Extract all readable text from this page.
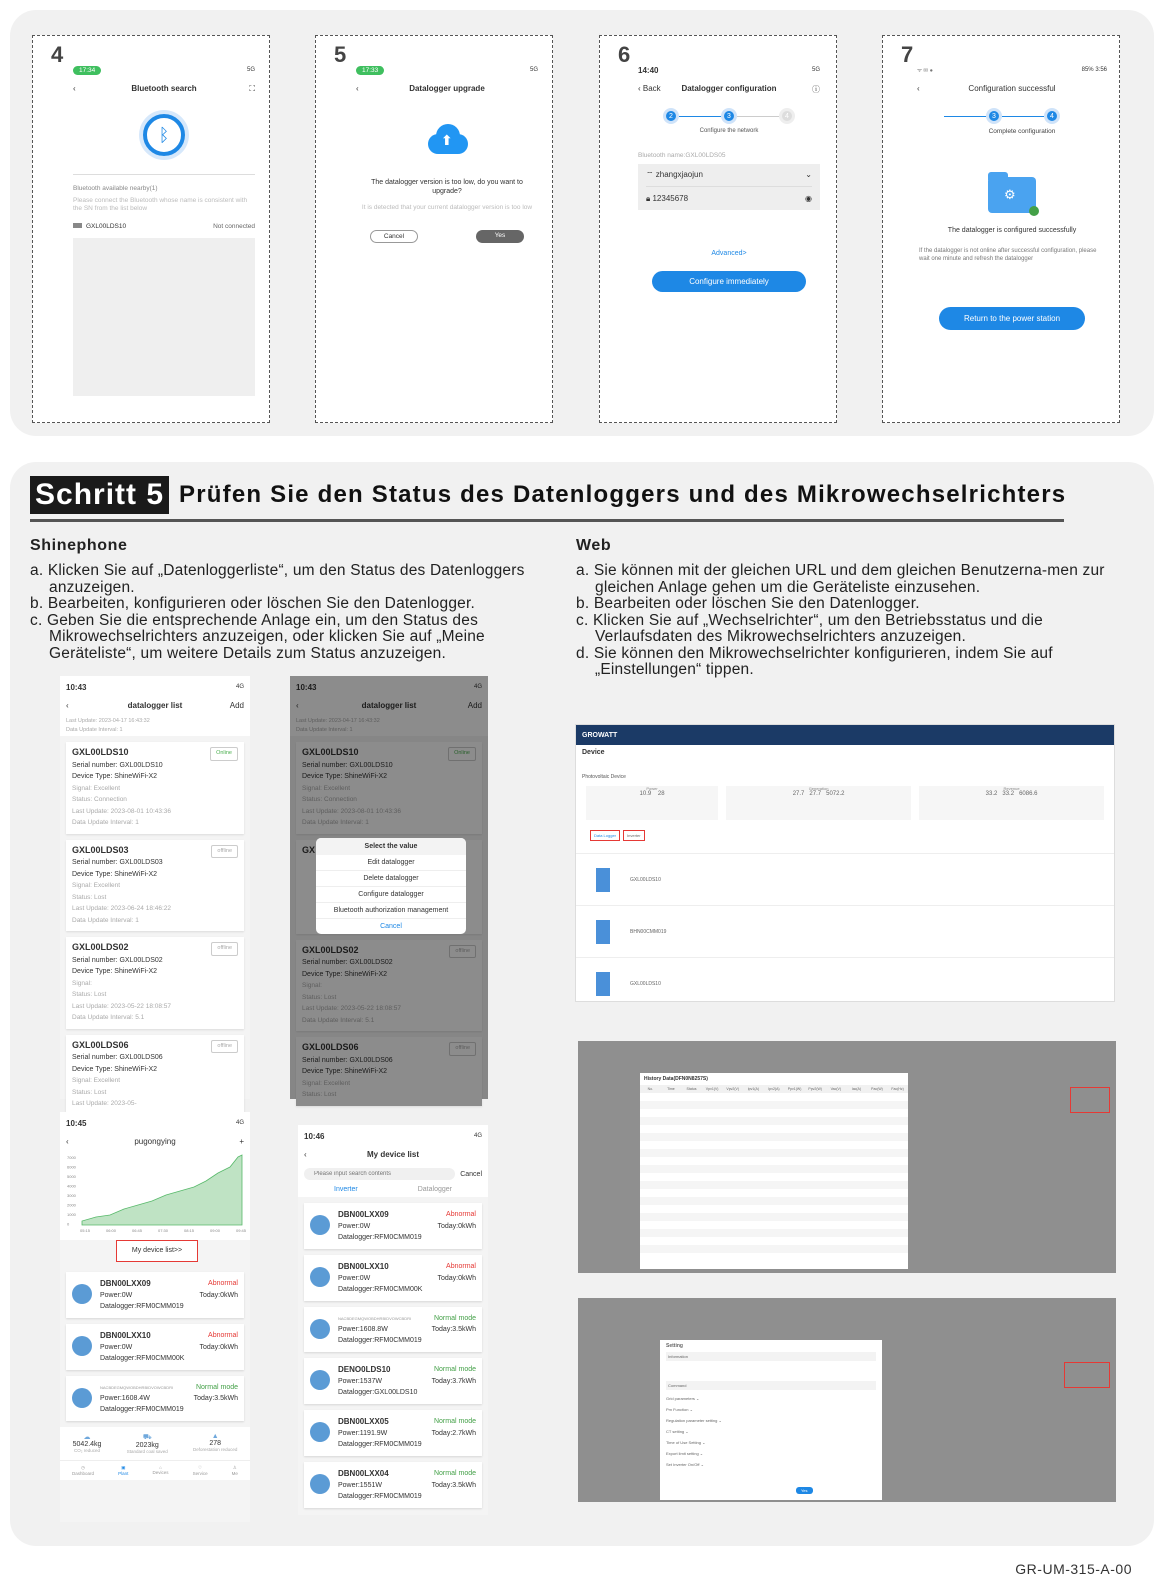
4
17:34	5G
‹	Bluetooth search	⛶
ᛒ
Bluetooth available nearby(1)
Please connect the Bluetooth whose name is consistent with the SN from the list below
GXL00LDS10	Not connected
5
17:33	5G
‹	Datalogger upgrade
⬆
The datalogger version is too low, do you want to upgrade?
It is detected that your current datalogger version is too low
Cancel	Yes
6
14:40	5G
‹ Back	Datalogger configuration	ⓘ
2	3	4
Configure the network
Bluetooth name:GXL00LDS05
⌔ zhangxjaojun	⌄
🔒︎ 12345678	◉
Advanced>
Configure immediately
7
ᯤ ✉ ●	85% 3:56
‹	Configuration successful
3	4
Complete configuration
⚙
The datalogger is configured successfully
If the datalogger is not online after successful configuration, please wait one minute and refresh the datalogger
Return to the power station
Schritt 5 Prüfen Sie den Status des Datenloggers und des Mikrowechselrichters
Shinephone
a. Klicken Sie auf „Datenloggerliste“, um den Status des Datenloggers anzuzeigen.
b. Bearbeiten, konfigurieren oder löschen Sie den Datenlogger.
c. Geben Sie die entsprechende Anlage ein, um den Status des Mikrowechselrichters anzuzeigen, oder klicken Sie auf „Meine Geräteliste“, um weitere Details zum Status anzuzeigen.
Web
a. Sie können mit der gleichen URL und dem gleichen Benutzerna-men zur gleichen Anlage gehen um die Geräteliste einzusehen.
b. Bearbeiten oder löschen Sie den Datenlogger.
c. Klicken Sie auf „Wechselrichter“, um den Betriebsstatus und die Verlaufsdaten des Mikrowechselrichters anzuzeigen.
d. Sie können den Mikrowechselrichter konfigurieren, indem Sie auf „Einstellungen“ tippen.
10:43	4G
‹	datalogger list	Add
Last Update: 2023-04-17 16:43:32
Data Update Interval: 1
Online
GXL00LDS10
Serial number: GXL00LDS10
Device Type: ShineWiFi-X2
Signal: Excellent
Status: Connection
Last Update: 2023-08-01 10:43:36
Data Update Interval: 1
offline
GXL00LDS03
Serial number: GXL00LDS03
Device Type: ShineWiFi-X2
Signal: Excellent
Status: Lost
Last Update: 2023-06-24 18:46:22
Data Update Interval: 1
offline
GXL00LDS02
Serial number: GXL00LDS02
Device Type: ShineWiFi-X2
Signal:
Status: Lost
Last Update: 2023-05-22 18:08:57
Data Update Interval: 5.1
offline
GXL00LDS06
Serial number: GXL00LDS06
Device Type: ShineWiFi-X2
Signal: Excellent
Status: Lost
Last Update: 2023-05-
10:43	4G
‹	datalogger list	Add
Last Update: 2023-04-17 16:43:32
Data Update Interval: 1
Online
GXL00LDS10
Serial number: GXL00LDS10
Device Type: ShineWiFi-X2
Signal: Excellent
Status: Connection
Last Update: 2023-08-01 10:43:36
Data Update Interval: 1
GX
offline
GXL00LDS02
Serial number: GXL00LDS02
Device Type: ShineWiFi-X2
Signal:
Status: Lost
Last Update: 2023-05-22 18:08:57
Data Update Interval: 5.1
offline
GXL00LDS06
Serial number: GXL00LDS06
Device Type: ShineWiFi-X2
Signal: Excellent
Status: Lost
Select the value
Edit datalogger
Delete datalogger
Configure datalogger
Bluetooth authorization management
Cancel
10:45	4G
‹	pugongying	+
7000
6000
5000
4000
3000
2000
1000
0
05:15	06:00	06:45	07:30	08:15	09:00	09:45
My device list>>
DBN00LXX09	Abnormal
Power:0W	Today:0kWh
Datalogger:RFM0CMM019
DBN00LXX10	Abnormal
Power:0W	Today:0kWh
Datalogger:RFM0CMM00K
NACBDEGMQWOBDHRBIDVOWCBDRI	Normal mode
Power:1608.4W	Today:3.5kWh
Datalogger:RFM0CMM019
☁
5042.4kg
CO₂ reduced
⛟
2023kg
Standard coal saved
▲
278
Deforestation reduced
◷
Dashboard
▣
Plant
⌂
Devices
♡
Service
♙
Me
10:46	4G
‹	My device list
Please input search contents
Cancel
Inverter	Datalogger
DBN00LXX09	Abnormal
Power:0W	Today:0kWh
Datalogger:RFM0CMM019
DBN00LXX10	Abnormal
Power:0W	Today:0kWh
Datalogger:RFM0CMM00K
NACBDEGMQWOBDHRBIDVOWCBDRI	Normal mode
Power:1608.8W	Today:3.5kWh
Datalogger:RFM0CMM019
DENO0LDS10	Normal mode
Power:1537W	Today:3.7kWh
Datalogger:GXL00LDS10
DBN00LXX05	Normal mode
Power:1191.9W	Today:2.7kWh
Datalogger:RFM0CMM019
DBN00LXX04	Normal mode
Power:1551W	Today:3.5kWh
Datalogger:RFM0CMM019
GROWATT
Device
Photovoltaic Device
Power
10.9 28
Generation
27.7 27.7 5072.2
Revenue
33.2 33.2 6086.6
Data Logger	Inverter
GXL00LDS10
BHN00CMM019
GXL00LDS10
History Data(DFN0N8257S)
No.	Time	Status	Vpv1(V)	Vpv2(V)	Ipv1(A)	Ipv2(A)	Ppv1(W)	Ppv2(W)	Vac(V)	Iac(A)	Pac(W)	Fac(Hz)
Setting
Information
Command
Grid parameters ⌄
Pm Function ⌄
Regulation parameter setting ⌄
CT setting ⌄
Time of Use Setting ⌄
Export limit setting ⌄
Set Inverter On/Off ⌄
Yes
GR-UM-315-A-00
